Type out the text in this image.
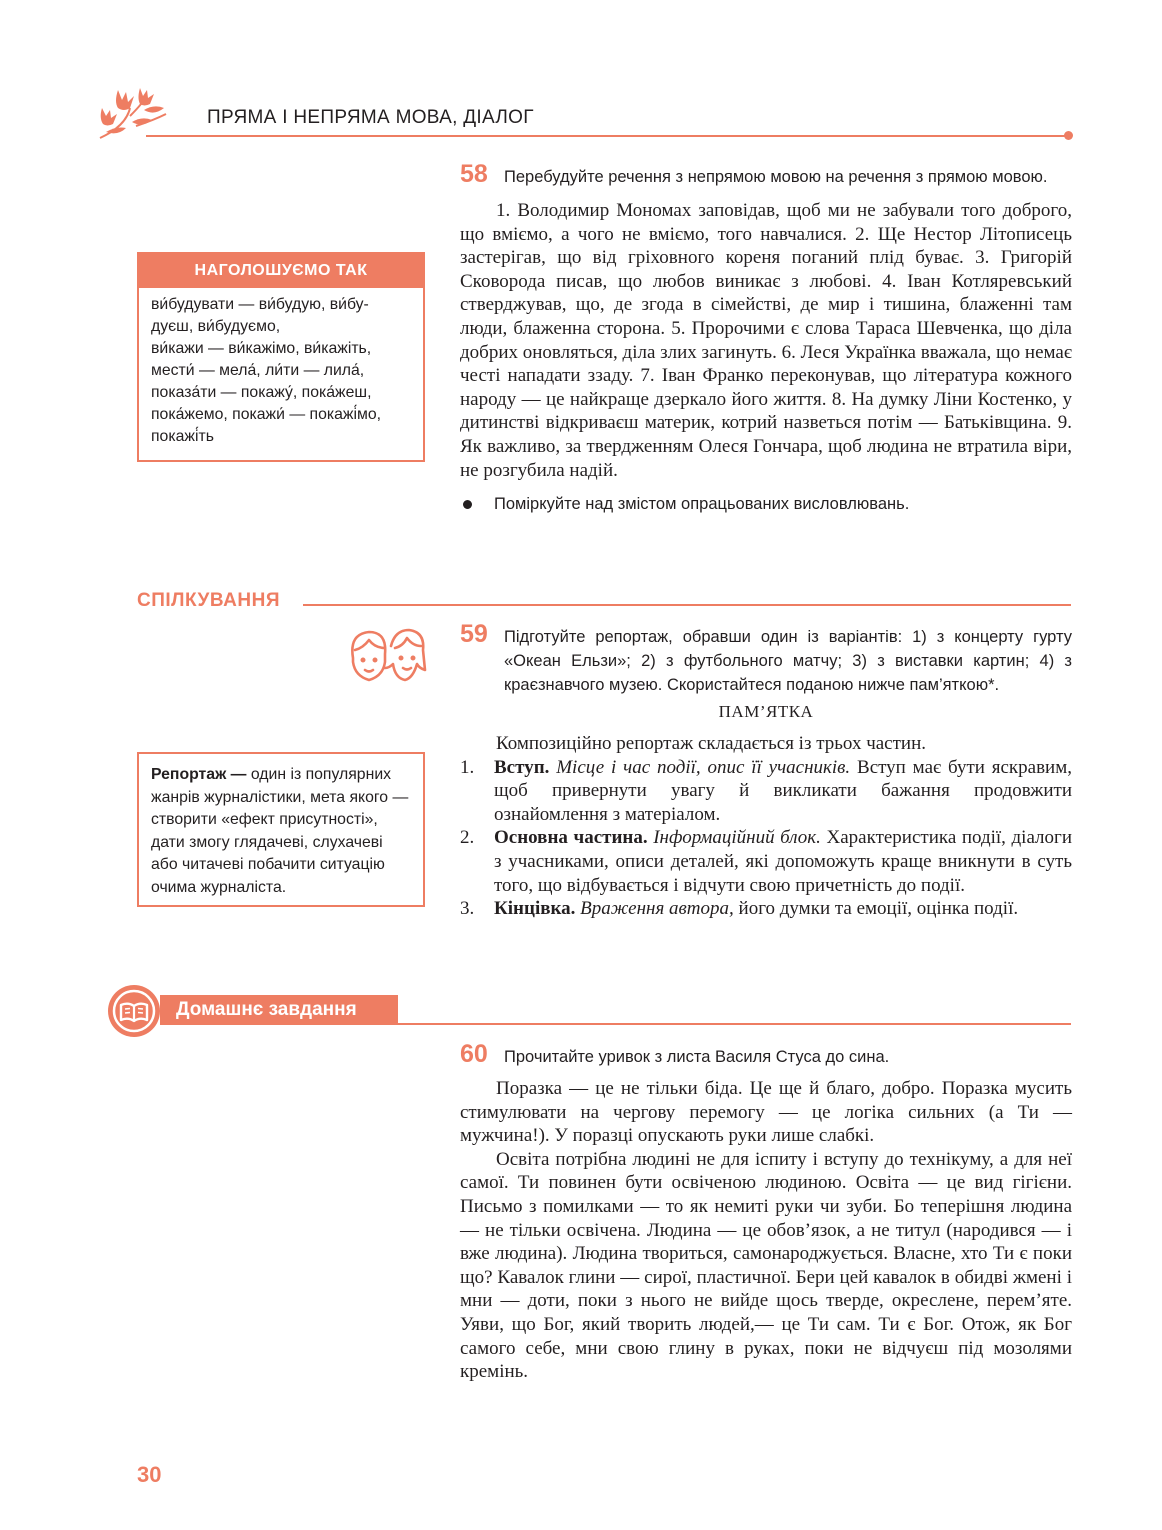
ПРЯМА І НЕПРЯМА МОВА, ДІАЛОГ
58 Перебудуйте речення з непрямою мовою на речення з прямою мовою.
1. Володимир Мономах заповідав, щоб ми не забували того доброго, що вміємо, а чого не вміємо, того навчалися. 2. Ще Нестор Літописець застерігав, що від гріховного кореня поганий плід буває. 3. Григорій Сковорода писав, що любов виникає з любові. 4. Іван Котляревський стверджував, що, де згода в сімействі, де мир і тишина, блаженні там люди, блаженна сторона. 5. Пророчими є слова Тараса Шевченка, що діла добрих оновляться, діла злих загинуть. 6. Леся Українка вважала, що немає честі нападати ззаду. 7. Іван Франко переконував, що література кожного народу — це найкраще дзеркало його життя. 8. На думку Ліни Костенко, у дитинстві відкриваєш материк, котрий назветься потім — Батьківщина. 9. Як важливо, за твердженням Олеся Гончара, щоб людина не втратила віри, не розгубила надій.
Поміркуйте над змістом опрацьованих висловлювань.
НАГОЛОШУЄМО ТАК
ви́будувати — ви́будую, ви́бу-
дуєш, ви́будуємо,
ви́кажи — ви́кажімо, ви́кажіть,
мести́ — мела́, ли́ти — лила́,
показа́ти — покажу́, пока́жеш,
пока́жемо, покажи́ — покажі́мо,
покажі́ть
СПІЛКУВАННЯ
59 Підготуйте репортаж, обравши один із варіантів: 1) з концерту гурту «Океан Ельзи»; 2) з футбольного матчу; 3) з виставки картин; 4) з краєзнавчого музею. Скористайтеся поданою нижче пам’яткою*.
ПАМ’ЯТКА
Композиційно репортаж складається із трьох частин.
1.	Вступ. Місце і час події, опис її учасників. Вступ має бути яскравим, щоб привернути увагу й викликати бажання продовжити ознайомлення з матеріалом.
2.	Основна частина. Інформаційний блок. Характеристика події, діалоги з учасниками, описи деталей, які допоможуть краще вникнути в суть того, що відбувається і відчути свою причетність до події.
3.	Кінцівка. Враження автора, його думки та емоції, оцінка події.
Репортаж — один із популярних жанрів журналістики, мета якого — створити «ефект присутності», дати змогу глядачеві, слухачеві або читачеві побачити ситуацію очима журналіста.
Домашнє завдання
60 Прочитайте уривок з листа Василя Стуса до сина.
Поразка — це не тільки біда. Це ще й благо, добро. Поразка мусить стимулювати на чергову перемогу — це логіка сильних (а Ти — мужчина!). У поразці опускають руки лише слабкі.
Освіта потрібна людині не для іспиту і вступу до технікуму, а для неї самої. Ти повинен бути освіченою людиною. Освіта — це вид гігієни. Письмо з помилками — то як немиті руки чи зуби. Бо теперішня людина — не тільки освічена. Людина — це обов’язок, а не титул (народився — і вже людина). Людина твориться, самонароджується. Власне, хто Ти є поки що? Кавалок глини — сирої, пластичної. Бери цей кавалок в обидві жмені і мни — доти, поки з нього не вийде щось тверде, окреслене, перем’яте. Уяви, що Бог, який творить людей,— це Ти сам. Ти є Бог. Отож, як Бог самого себе, мни свою глину в руках, поки не відчуєш під мозолями кремінь.
30
